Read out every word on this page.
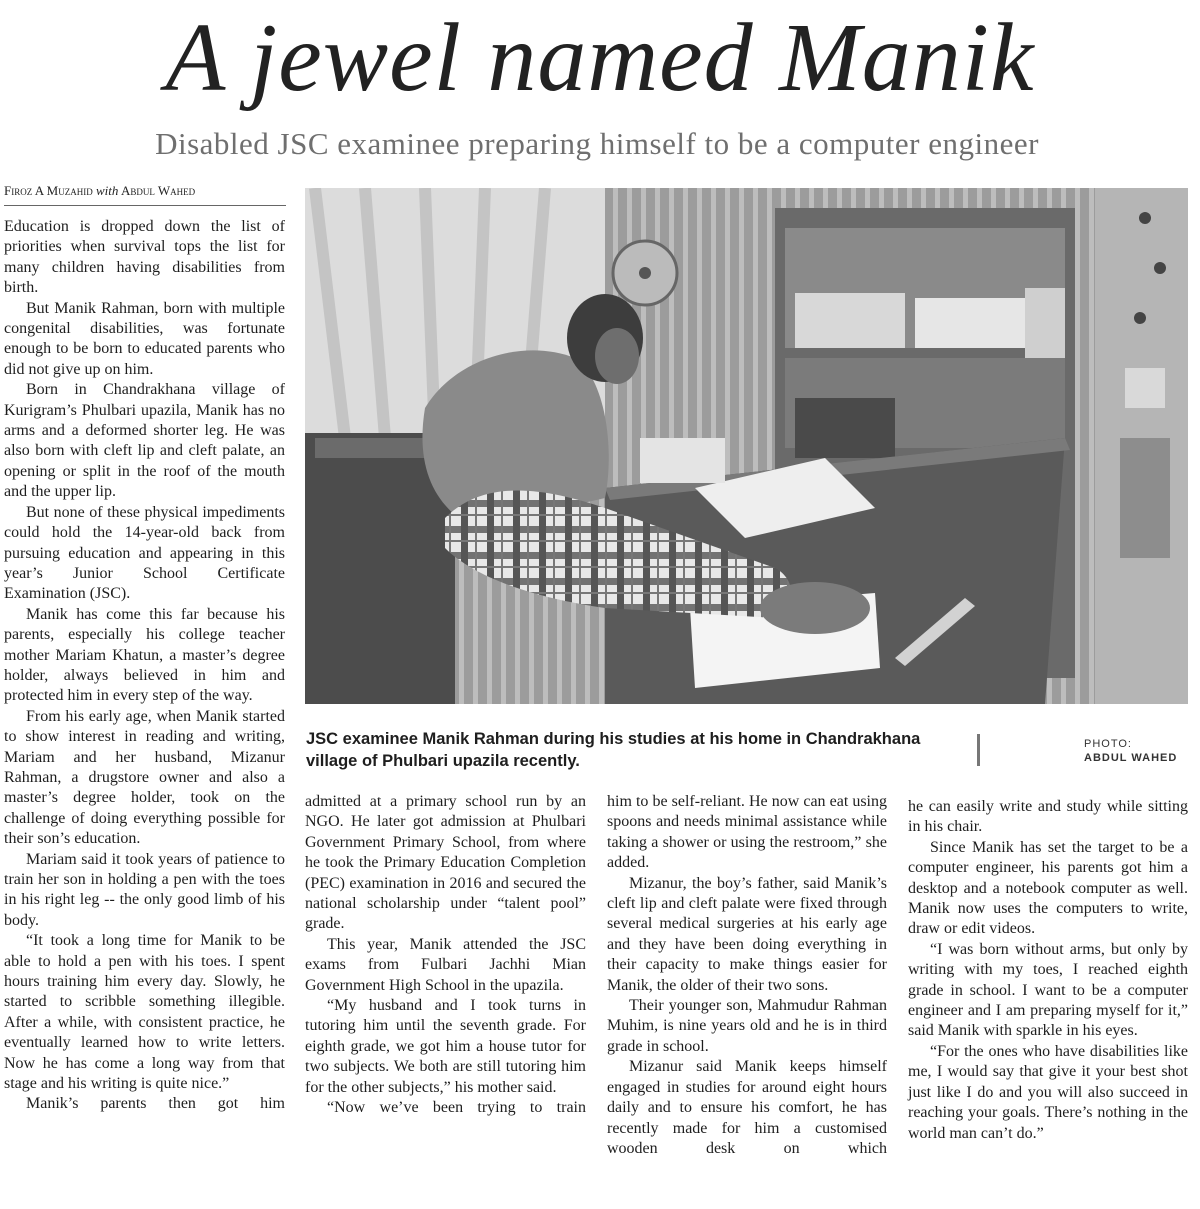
A jewel named Manik
Disabled JSC examinee preparing himself to be a computer engineer
Firoz A Muzahid with Abdul Wahed
JSC examinee Manik Rahman during his studies at his home in Chandrakhana village of Phulbari upazila recently.
PHOTO:
ABDUL WAHED

Education is dropped down the list of priorities when survival tops the list for many children having disabilities from birth.

But Manik Rahman, born with multiple congenital disabilities, was fortunate enough to be born to educated parents who did not give up on him.

Born in Chandrakhana village of Kurigram’s Phulbari upazila, Manik has no arms and a deformed shorter leg. He was also born with cleft lip and cleft palate, an opening or split in the roof of the mouth and the upper lip.

But none of these physical impediments could hold the 14-year-old back from pursuing education and appearing in this year’s Junior School Certificate Examination (JSC).

Manik has come this far because his parents, especially his college teacher mother Mariam Khatun, a master’s degree holder, always believed in him and protected him in every step of the way.

From his early age, when Manik started to show interest in reading and writing, Mariam and her husband, Mizanur Rahman, a drugstore owner and also a master’s degree holder, took on the challenge of doing everything possible for their son’s education.

Mariam said it took years of patience to train her son in holding a pen with the toes in his right leg -- the only good limb of his body.

“It took a long time for Manik to be able to hold a pen with his toes. I spent hours training him every day. Slowly, he started to scribble something illegible. After a while, with consistent practice, he eventually learned how to write letters. Now he has come a long way from that stage and his writing is quite nice.”

Manik’s parents then got him

admitted at a primary school run by an NGO. He later got admission at Phulbari Government Primary School, from where he took the Primary Education Completion (PEC) examination in 2016 and secured the national scholarship under “talent pool” grade.

This year, Manik attended the JSC exams from Fulbari Jachhi Mian Government High School in the upazila.

“My husband and I took turns in tutoring him until the seventh grade. For eighth grade, we got him a house tutor for two subjects. We both are still tutoring him for the other subjects,” his mother said.

“Now we’ve been trying to train

him to be self-reliant. He now can eat using spoons and needs minimal assistance while taking a shower or using the restroom,” she added.

Mizanur, the boy’s father, said Manik’s cleft lip and cleft palate were fixed through several medical surgeries at his early age and they have been doing everything in their capacity to make things easier for Manik, the older of their two sons.

Their younger son, Mahmudur Rahman Muhim, is nine years old and he is in third grade in school.

Mizanur said Manik keeps himself engaged in studies for around eight hours daily and to ensure his comfort, he has recently made for him a customised wooden desk on which

he can easily write and study while sitting in his chair.

Since Manik has set the target to be a computer engineer, his parents got him a desktop and a notebook computer as well. Manik now uses the computers to write, draw or edit videos.

“I was born without arms, but only by writing with my toes, I reached eighth grade in school. I want to be a computer engineer and I am preparing myself for it,” said Manik with sparkle in his eyes.

“For the ones who have disabilities like me, I would say that give it your best shot just like I do and you will also succeed in reaching your goals. There’s nothing in the world man can’t do.”
